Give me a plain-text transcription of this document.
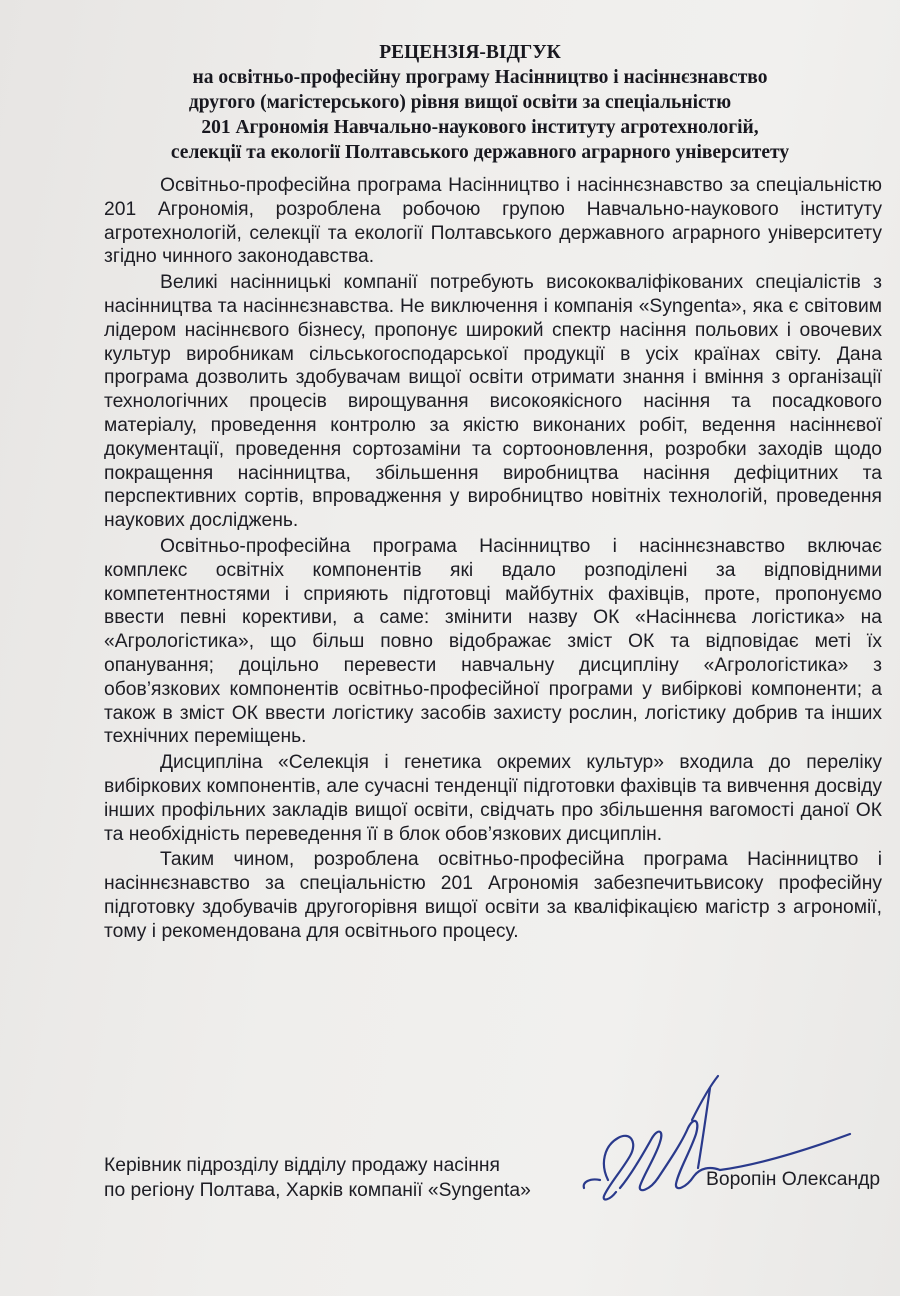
РЕЦЕНЗІЯ-ВІДГУК
на освітньо-професійну програму Насінництво і насіннєзнавство
другого (магістерського) рівня вищої освіти за спеціальністю
201 Агрономія Навчально-наукового інституту агротехнологій,
селекції та екології Полтавського державного аграрного університету

Освітньо-професійна програма Насінництво і насіннєзнавство за спеціальністю 201 Агрономія, розроблена робочою групою Навчально-наукового інституту агротехнологій, селекції та екології Полтавського державного аграрного університету згідно чинного законодавства.

Великі насінницькі компанії потребують висококваліфікованих спеціалістів з насінництва та насіннєзнавства. Не виключення і компанія «Syngenta», яка є світовим лідером насіннєвого бізнесу, пропонує широкий спектр насіння польових і овочевих культур виробникам сільськогосподарської продукції в усіх країнах світу. Дана програма дозволить здобувачам вищої освіти отримати знання і вміння з організації технологічних процесів вирощування високоякісного насіння та посадкового матеріалу, проведення контролю за якістю виконаних робіт, ведення насіннєвої документації, проведення сортозаміни та сортооновлення, розробки заходів щодо покращення насінництва, збільшення виробництва насіння дефіцитних та перспективних сортів, впровадження у виробництво новітніх технологій, проведення наукових досліджень.

Освітньо-професійна програма Насінництво і насіннєзнавство включає комплекс освітніх компонентів які вдало розподілені за відповідними компетентностями і сприяють підготовці майбутніх фахівців, проте, пропонуємо ввести певні корективи, а саме: змінити назву ОК «Насіннєва логістика» на «Агрологістика», що більш повно відображає зміст ОК та відповідає меті їх опанування; доцільно перевести навчальну дисципліну «Агрологістика» з обов’язкових компонентів освітньо-професійної програми у вибіркові компоненти; а також в зміст ОК ввести логістику засобів захисту рослин, логістику добрив та інших технічних переміщень.

Дисципліна «Селекція і генетика окремих культур» входила до переліку вибіркових компонентів, але сучасні тенденції підготовки фахівців та вивчення досвіду інших профільних закладів вищої освіти, свідчать про збільшення вагомості даної ОК та необхідність переведення її в блок обов’язкових дисциплін.

Таким чином, розроблена освітньо-професійна програма Насінництво і насіннєзнавство за спеціальністю 201 Агрономія забезпечитьвисоку професійну підготовку здобувачів другогорівня вищої освіти за кваліфікацією магістр з агрономії, тому і рекомендована для освітнього процесу.

Керівник підрозділу відділу продажу насіння
по регіону Полтава, Харків компанії «Syngenta»
Воропін Олександр
